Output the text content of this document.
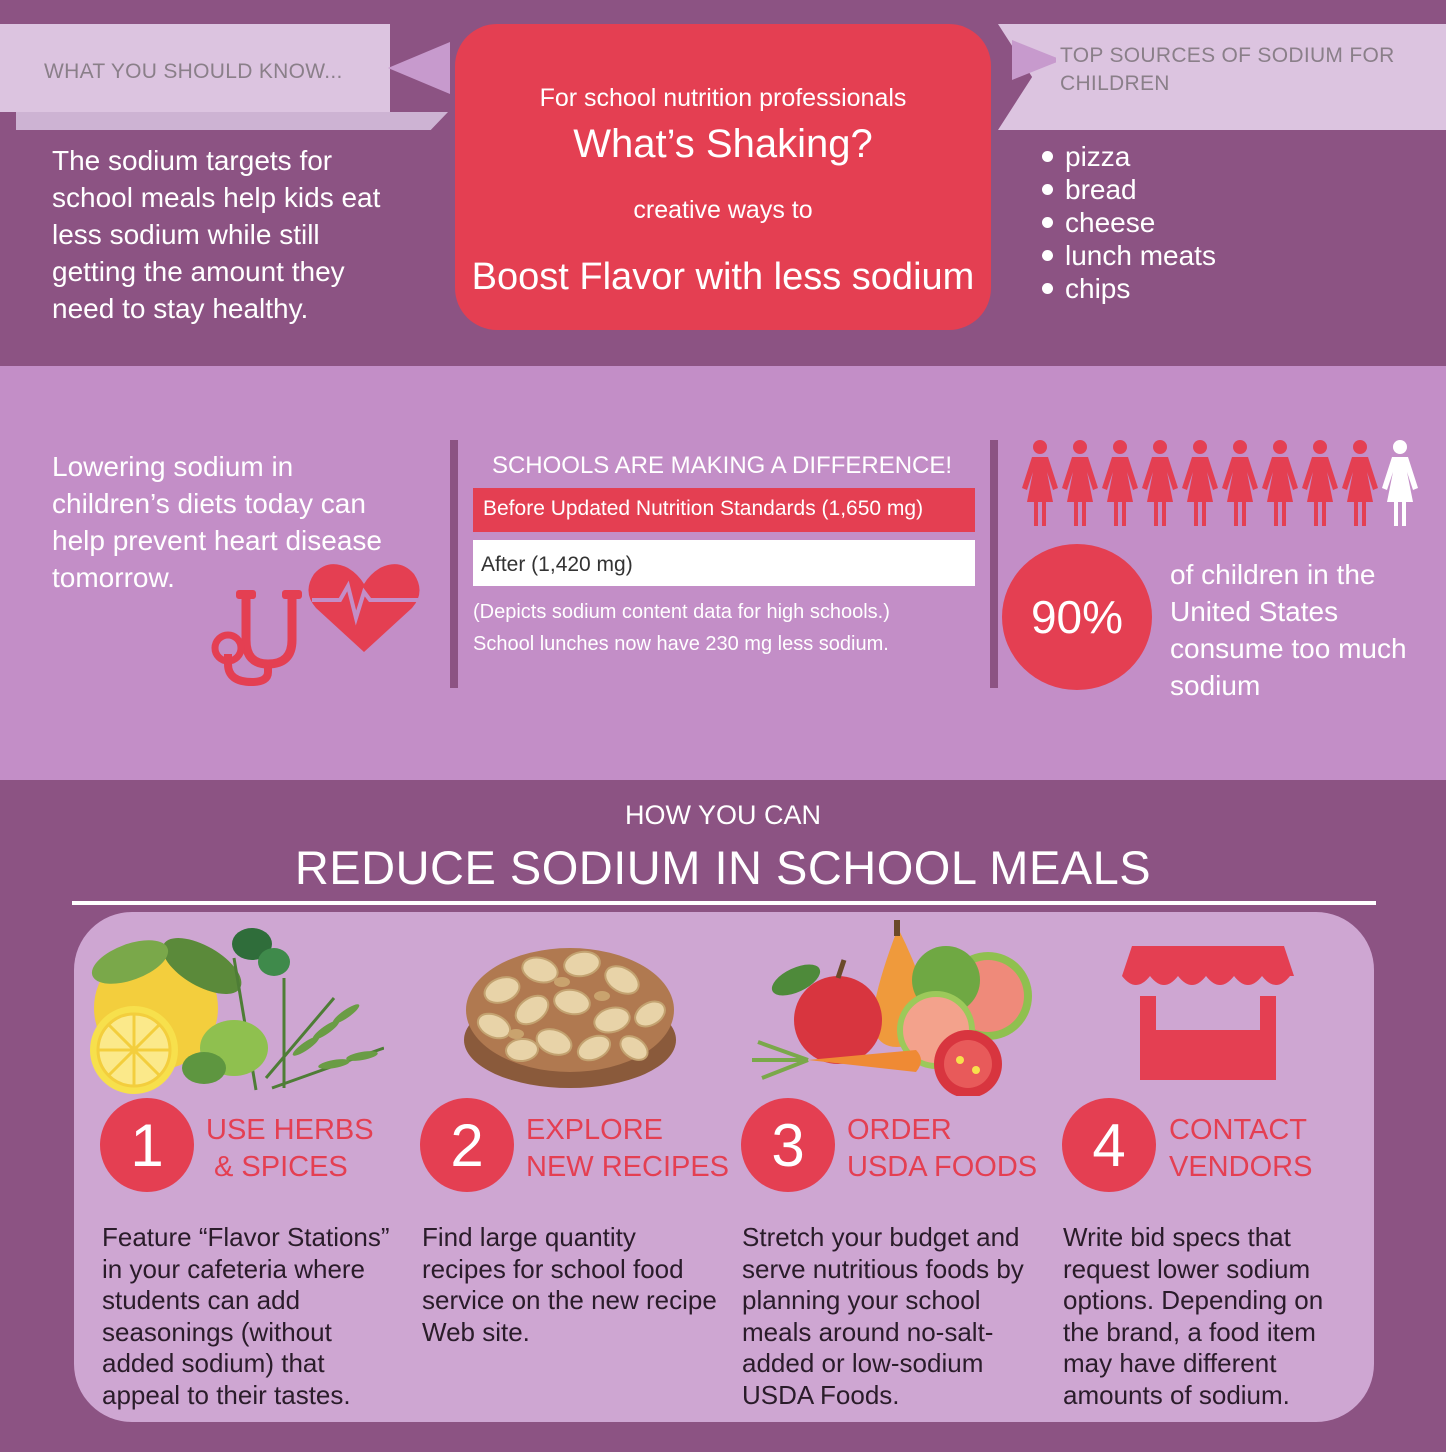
WHAT YOU SHOULD KNOW...
TOP SOURCES OF SODIUM FOR CHILDREN
The sodium targets for school meals help kids eat less sodium while still getting the amount they need to stay healthy.
For school nutrition professionals
What’s Shaking?
creative ways to
Boost Flavor with less sodium
pizza
bread
cheese
lunch meats
chips
Lowering sodium in children’s diets today can help prevent heart disease tomorrow.
SCHOOLS ARE MAKING A DIFFERENCE!
Before Updated Nutrition Standards (1,650 mg)
After (1,420 mg)
(Depicts sodium content data for high schools.)
School lunches now have 230 mg less sodium.
90%
of children in the United States consume too much sodium
HOW YOU CAN
REDUCE SODIUM IN SCHOOL MEALS
1	USE HERBS
& SPICES
Feature “Flavor Stations” in your cafeteria where students can add seasonings (without added sodium) that appeal to their tastes.
2	EXPLORE
NEW RECIPES
Find large quantity recipes for school food service on the new recipe Web site.
3	ORDER
USDA FOODS
Stretch your budget and serve nutritious foods by planning your school meals around no-salt-added or low-sodium USDA Foods.
4	CONTACT
VENDORS
Write bid specs that request lower sodium options. Depending on the brand, a food item may have different amounts of sodium.
